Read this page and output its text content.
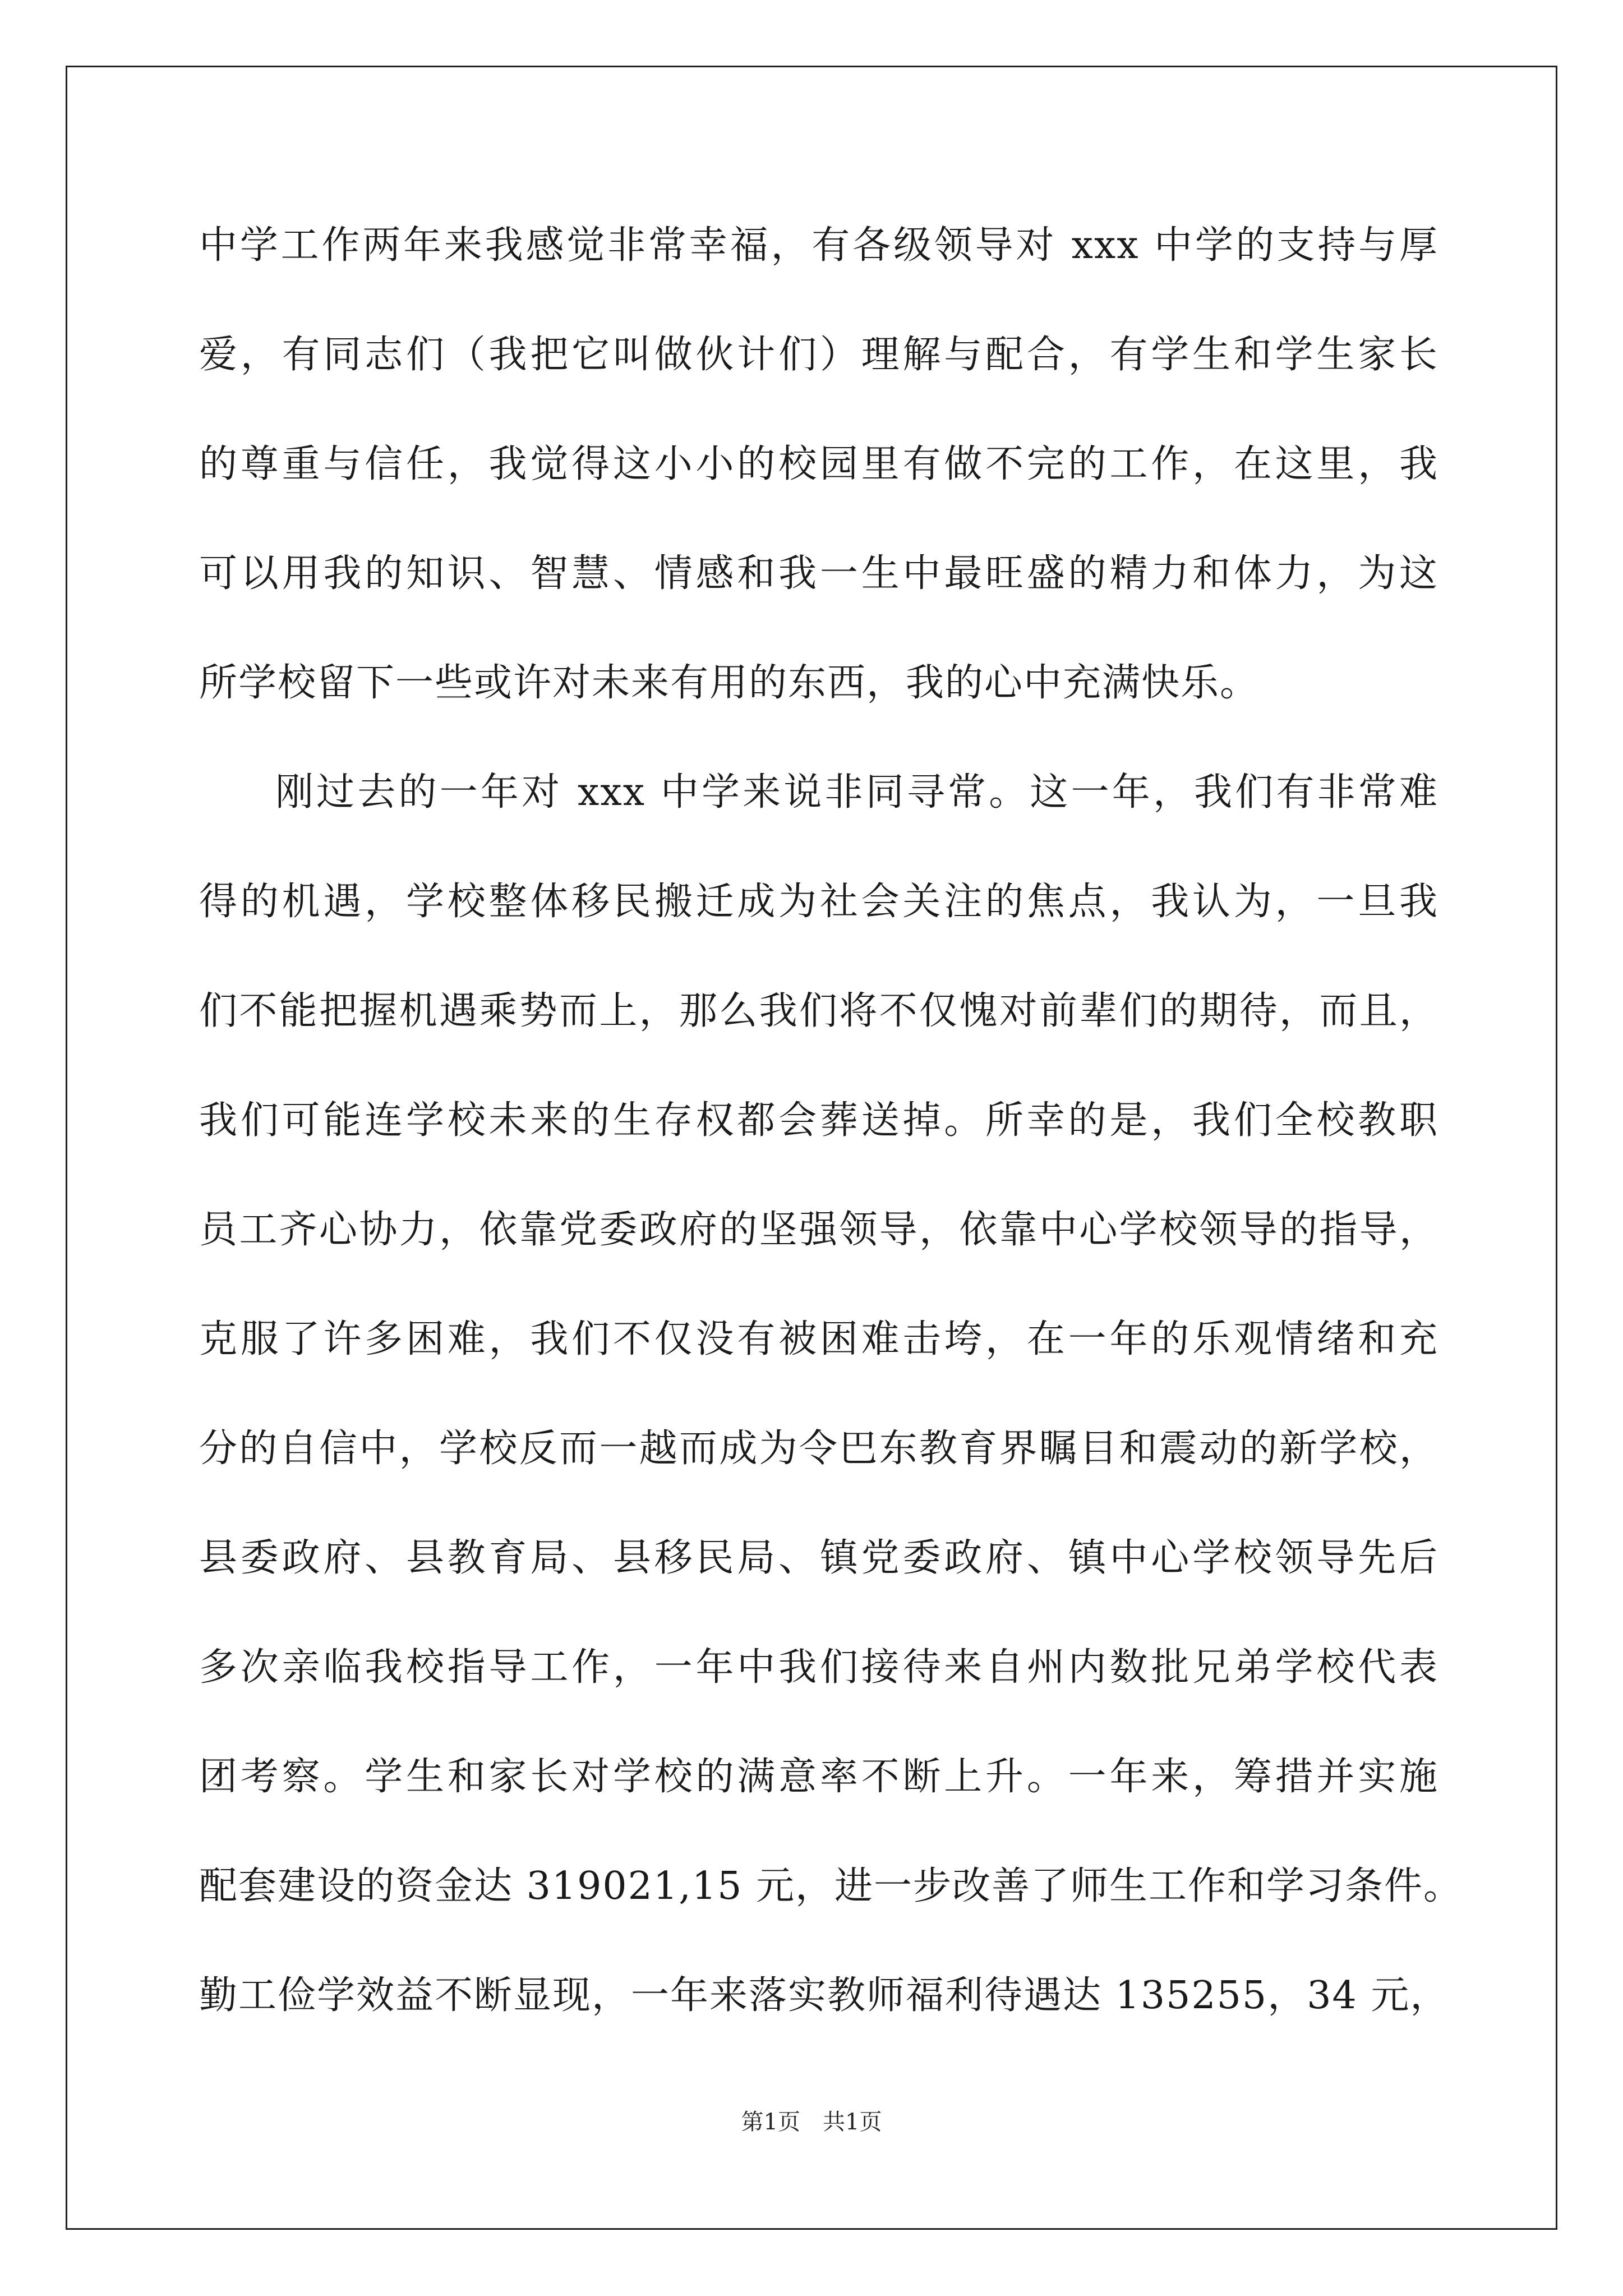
中学工作两年来我感觉非常幸福，有各级领导对 xxx 中学的支持与厚
爱，有同志们（我把它叫做伙计们）理解与配合，有学生和学生家长
的尊重与信任，我觉得这小小的校园里有做不完的工作，在这里，我
可以用我的知识、智慧、情感和我一生中最旺盛的精力和体力，为这
所学校留下一些或许对未来有用的东西，我的心中充满快乐。
刚过去的一年对 xxx 中学来说非同寻常。这一年，我们有非常难
得的机遇，学校整体移民搬迁成为社会关注的焦点，我认为，一旦我
们不能把握机遇乘势而上，那么我们将不仅愧对前辈们的期待，而且，
我们可能连学校未来的生存权都会葬送掉。所幸的是，我们全校教职
员工齐心协力，依靠党委政府的坚强领导，依靠中心学校领导的指导，
克服了许多困难，我们不仅没有被困难击垮，在一年的乐观情绪和充
分的自信中，学校反而一越而成为令巴东教育界瞩目和震动的新学校，
县委政府、县教育局、县移民局、镇党委政府、镇中心学校领导先后
多次亲临我校指导工作，一年中我们接待来自州内数批兄弟学校代表
团考察。学生和家长对学校的满意率不断上升。一年来，筹措并实施
配套建设的资金达 319021,15 元，进一步改善了师生工作和学习条件。
勤工俭学效益不断显现，一年来落实教师福利待遇达 135255，34 元，
第1页 共1页
